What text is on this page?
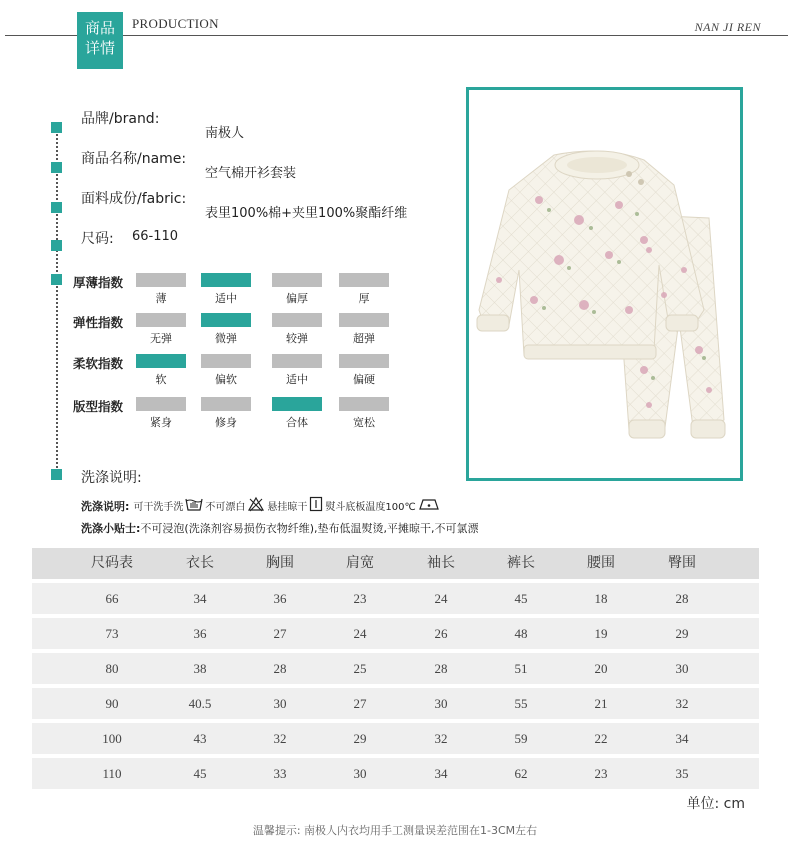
商品
详情
PRODUCTION	NAN JI REN
品牌/brand:
南极人
商品名称/name:
空气棉开衫套装
面料成份/fabric:
表里100%棉+夹里100%聚酯纤维
尺码: 66-110
厚薄指数
薄	适中	偏厚	厚
弹性指数
无弹	微弹	较弹	超弹
柔软指数
软	偏软	适中	偏硬
版型指数
紧身	修身	合体	宽松
洗涤说明:
洗涤说明: 可干洗手洗 不可漂白 悬挂晾干 熨斗底板温度100℃
洗涤小贴士:不可浸泡(洗涤剂容易损伤衣物纤维),垫布低温熨烫,平摊晾干,不可氯漂
尺码表	衣长	胸围	肩宽	袖长	裤长	腰围	臀围
66	34	36	23	24	45	18	28
73	36	27	24	26	48	19	29
80	38	28	25	28	51	20	30
90	40.5	30	27	30	55	21	32
100	43	32	29	32	59	22	34
110	45	33	30	34	62	23	35
单位: cm
温馨提示: 南极人内衣均用手工测量误差范围在1-3CM左右
